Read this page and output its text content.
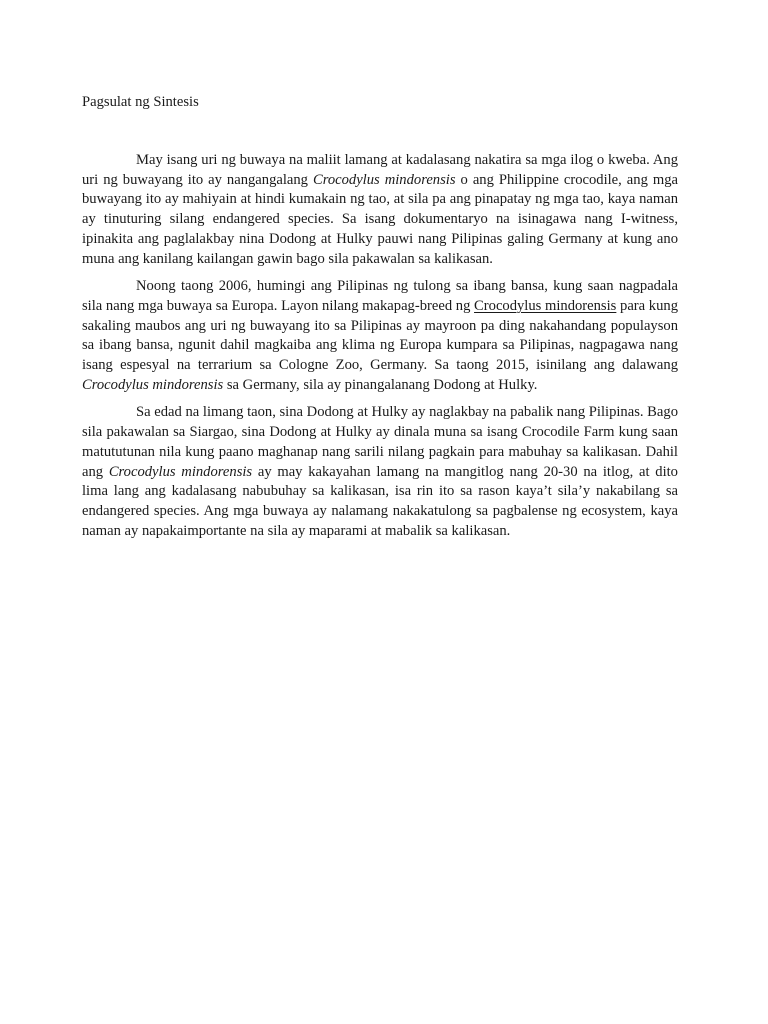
Pagsulat ng Sintesis

May isang uri ng buwaya na maliit lamang at kadalasang nakatira sa mga ilog o kweba. Ang uri ng buwayang ito ay nangangalang Crocodylus mindorensis o ang Philippine crocodile, ang mga buwayang ito ay mahiyain at hindi kumakain ng tao, at sila pa ang pinapatay ng mga tao, kaya naman ay tinuturing silang endangered species. Sa isang dokumentaryo na isinagawa nang I-witness, ipinakita ang paglalakbay nina Dodong at Hulky pauwi nang Pilipinas galing Germany at kung ano muna ang kanilang kailangan gawin bago sila pakawalan sa kalikasan.

Noong taong 2006, humingi ang Pilipinas ng tulong sa ibang bansa, kung saan nagpadala sila nang mga buwaya sa Europa. Layon nilang makapag-breed ng Crocodylus mindorensis para kung sakaling maubos ang uri ng buwayang ito sa Pilipinas ay mayroon pa ding nakahandang populayson sa ibang bansa, ngunit dahil magkaiba ang klima ng Europa kumpara sa Pilipinas, nagpagawa nang isang espesyal na terrarium sa Cologne Zoo, Germany. Sa taong 2015, isinilang ang dalawang Crocodylus mindorensis sa Germany, sila ay pinangalanang Dodong at Hulky.

Sa edad na limang taon, sina Dodong at Hulky ay naglakbay na pabalik nang Pilipinas. Bago sila pakawalan sa Siargao, sina Dodong at Hulky ay dinala muna sa isang Crocodile Farm kung saan matututunan nila kung paano maghanap nang sarili nilang pagkain para mabuhay sa kalikasan. Dahil ang Crocodylus mindorensis ay may kakayahan lamang na mangitlog nang 20-30 na itlog, at dito lima lang ang kadalasang nabubuhay sa kalikasan, isa rin ito sa rason kaya’t sila’y nakabilang sa endangered species. Ang mga buwaya ay nalamang nakakatulong sa pagbalense ng ecosystem, kaya naman ay napakaimportante na sila ay maparami at mabalik sa kalikasan.
